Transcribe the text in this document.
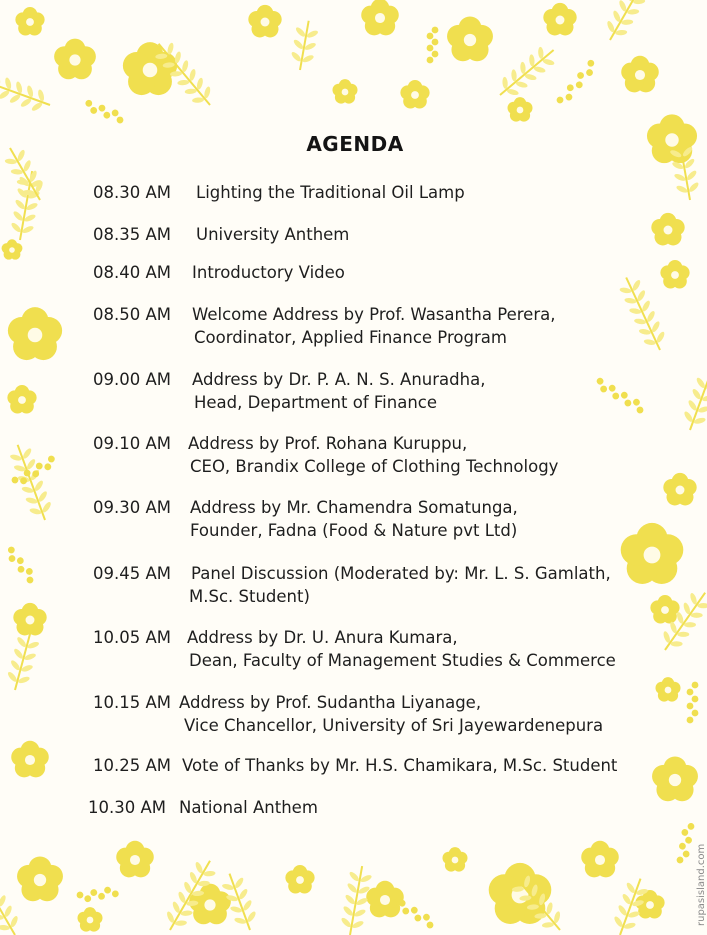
AGENDA
08.30 AM Lighting the Traditional Oil Lamp
08.35 AM University Anthem
08.40 AM Introductory Video
08.50 AM Welcome Address by Prof. Wasantha Perera,
Coordinator, Applied Finance Program
09.00 AM Address by Dr. P. A. N. S. Anuradha,
Head, Department of Finance
09.10 AM Address by Prof. Rohana Kuruppu,
CEO, Brandix College of Clothing Technology
09.30 AM Address by Mr. Chamendra Somatunga,
Founder, Fadna (Food & Nature pvt Ltd)
09.45 AM Panel Discussion (Moderated by: Mr. L. S. Gamlath,
M.Sc. Student)
10.05 AM Address by Dr. U. Anura Kumara,
Dean, Faculty of Management Studies & Commerce
10.15 AM Address by Prof. Sudantha Liyanage,
Vice Chancellor, University of Sri Jayewardenepura
10.25 AM Vote of Thanks by Mr. H.S. Chamikara, M.Sc. Student
10.30 AM National Anthem
rupasisland.com
